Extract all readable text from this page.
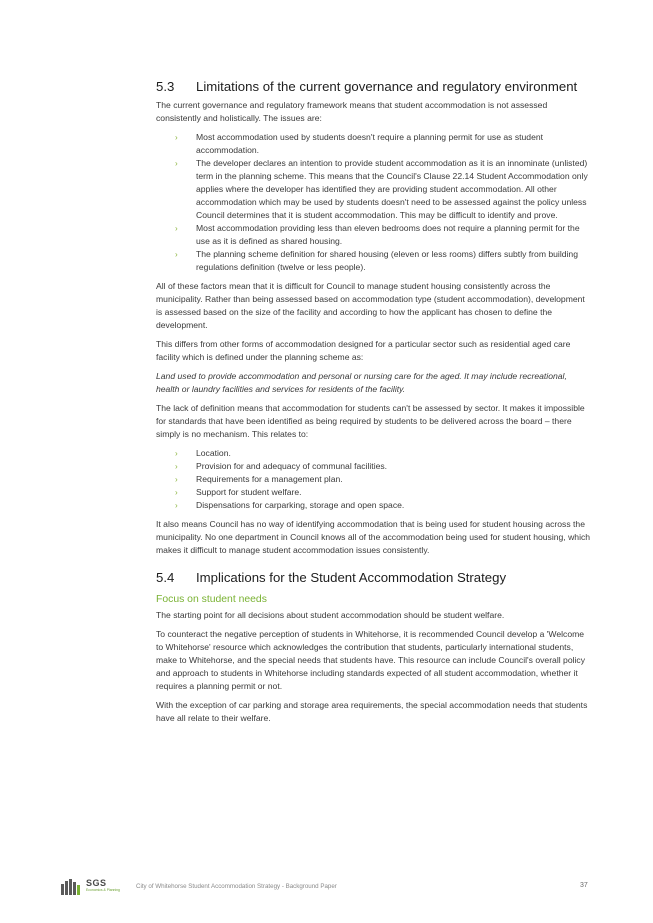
5.3 Limitations of the current governance and regulatory environment

The current governance and regulatory framework means that student accommodation is not assessed consistently and holistically. The issues are:

› Most accommodation used by students doesn't require a planning permit for use as student accommodation.
› The developer declares an intention to provide student accommodation as it is an innominate (unlisted) term in the planning scheme. This means that the Council's Clause 22.14 Student Accommodation only applies where the developer has identified they are providing student accommodation. All other accommodation which may be used by students doesn't need to be assessed against the policy unless Council determines that it is student accommodation. This may be difficult to identify and prove.
› Most accommodation providing less than eleven bedrooms does not require a planning permit for the use as it is defined as shared housing.
› The planning scheme definition for shared housing (eleven or less rooms) differs subtly from building regulations definition (twelve or less people).

All of these factors mean that it is difficult for Council to manage student housing consistently across the municipality. Rather than being assessed based on accommodation type (student accommodation), development is assessed based on the size of the facility and according to how the applicant has chosen to define the development.

This differs from other forms of accommodation designed for a particular sector such as residential aged care facility which is defined under the planning scheme as:

Land used to provide accommodation and personal or nursing care for the aged. It may include recreational, health or laundry facilities and services for residents of the facility.

The lack of definition means that accommodation for students can't be assessed by sector. It makes it impossible for standards that have been identified as being required by students to be delivered across the board – there simply is no mechanism. This relates to:

› Location.
› Provision for and adequacy of communal facilities.
› Requirements for a management plan.
› Support for student welfare.
› Dispensations for carparking, storage and open space.

It also means Council has no way of identifying accommodation that is being used for student housing across the municipality. No one department in Council knows all of the accommodation being used for student housing, which makes it difficult to manage student accommodation issues consistently.

5.4 Implications for the Student Accommodation Strategy
Focus on student needs

The starting point for all decisions about student accommodation should be student welfare.

To counteract the negative perception of students in Whitehorse, it is recommended Council develop a 'Welcome to Whitehorse' resource which acknowledges the contribution that students, particularly international students, make to Whitehorse, and the special needs that students have. This resource can include Council's overall policy and approach to students in Whitehorse including standards expected of all student accommodation, whether it requires a planning permit or not.

With the exception of car parking and storage area requirements, the special accommodation needs that students have all relate to their welfare.

SGS
Economics & Planning	City of Whitehorse Student Accommodation Strategy - Background Paper	37
